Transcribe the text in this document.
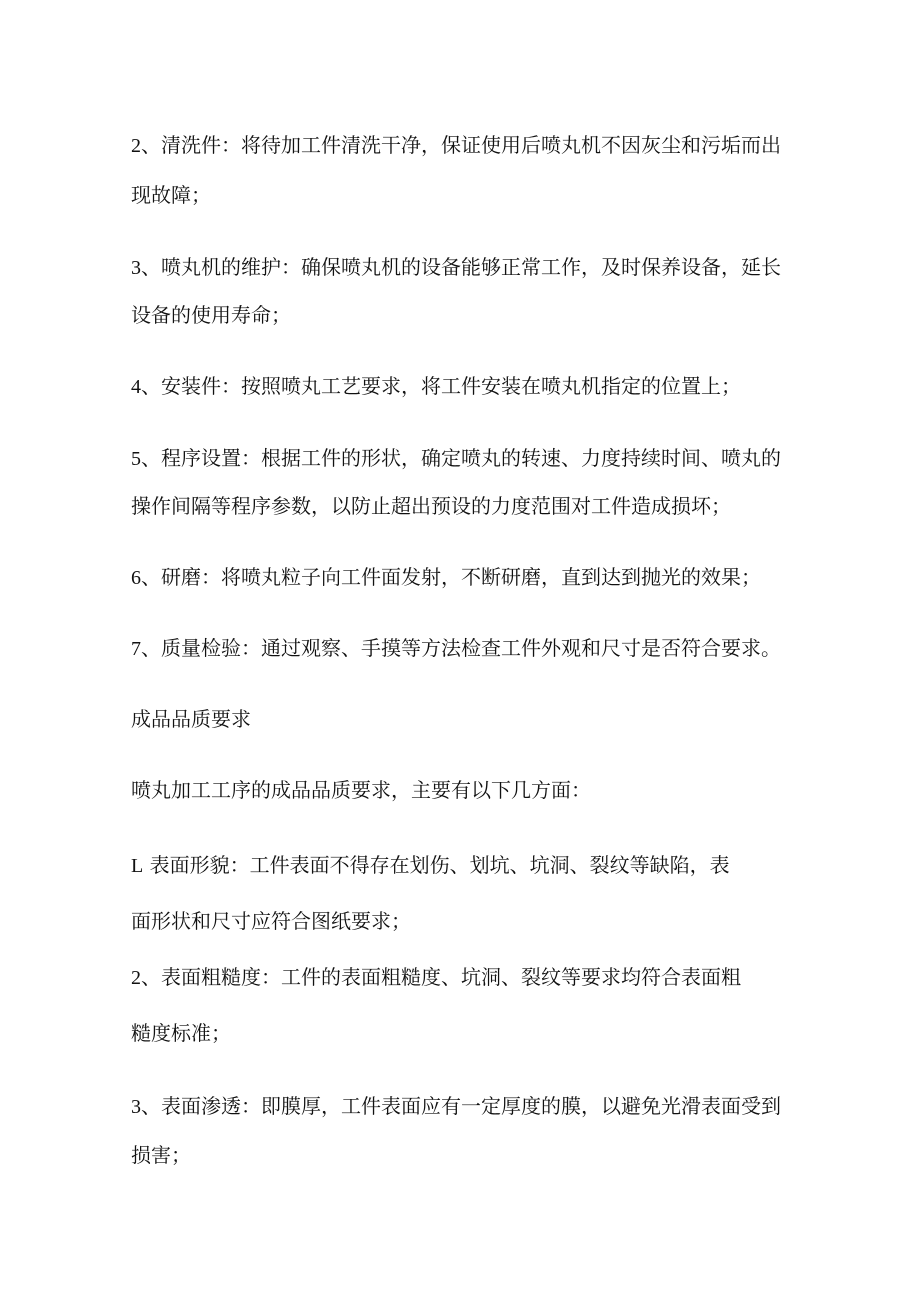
2、清洗件：将待加工件清洗干净，保证使用后喷丸机不因灰尘和污垢而出
现故障；
3、喷丸机的维护：确保喷丸机的设备能够正常工作，及时保养设备，延长
设备的使用寿命；
4、安装件：按照喷丸工艺要求，将工件安装在喷丸机指定的位置上；
5、程序设置：根据工件的形状，确定喷丸的转速、力度持续时间、喷丸的
操作间隔等程序参数，以防止超出预设的力度范围对工件造成损坏；
6、研磨：将喷丸粒子向工件面发射，不断研磨，直到达到抛光的效果；
7、质量检验：通过观察、手摸等方法检查工件外观和尺寸是否符合要求。
成品品质要求
喷丸加工工序的成品品质要求，主要有以下几方面：
L 表面形貌：工件表面不得存在划伤、划坑、坑洞、裂纹等缺陷，表
面形状和尺寸应符合图纸要求；
2、表面粗糙度：工件的表面粗糙度、坑洞、裂纹等要求均符合表面粗
糙度标准；
3、表面渗透：即膜厚，工件表面应有一定厚度的膜，以避免光滑表面受到
损害；
